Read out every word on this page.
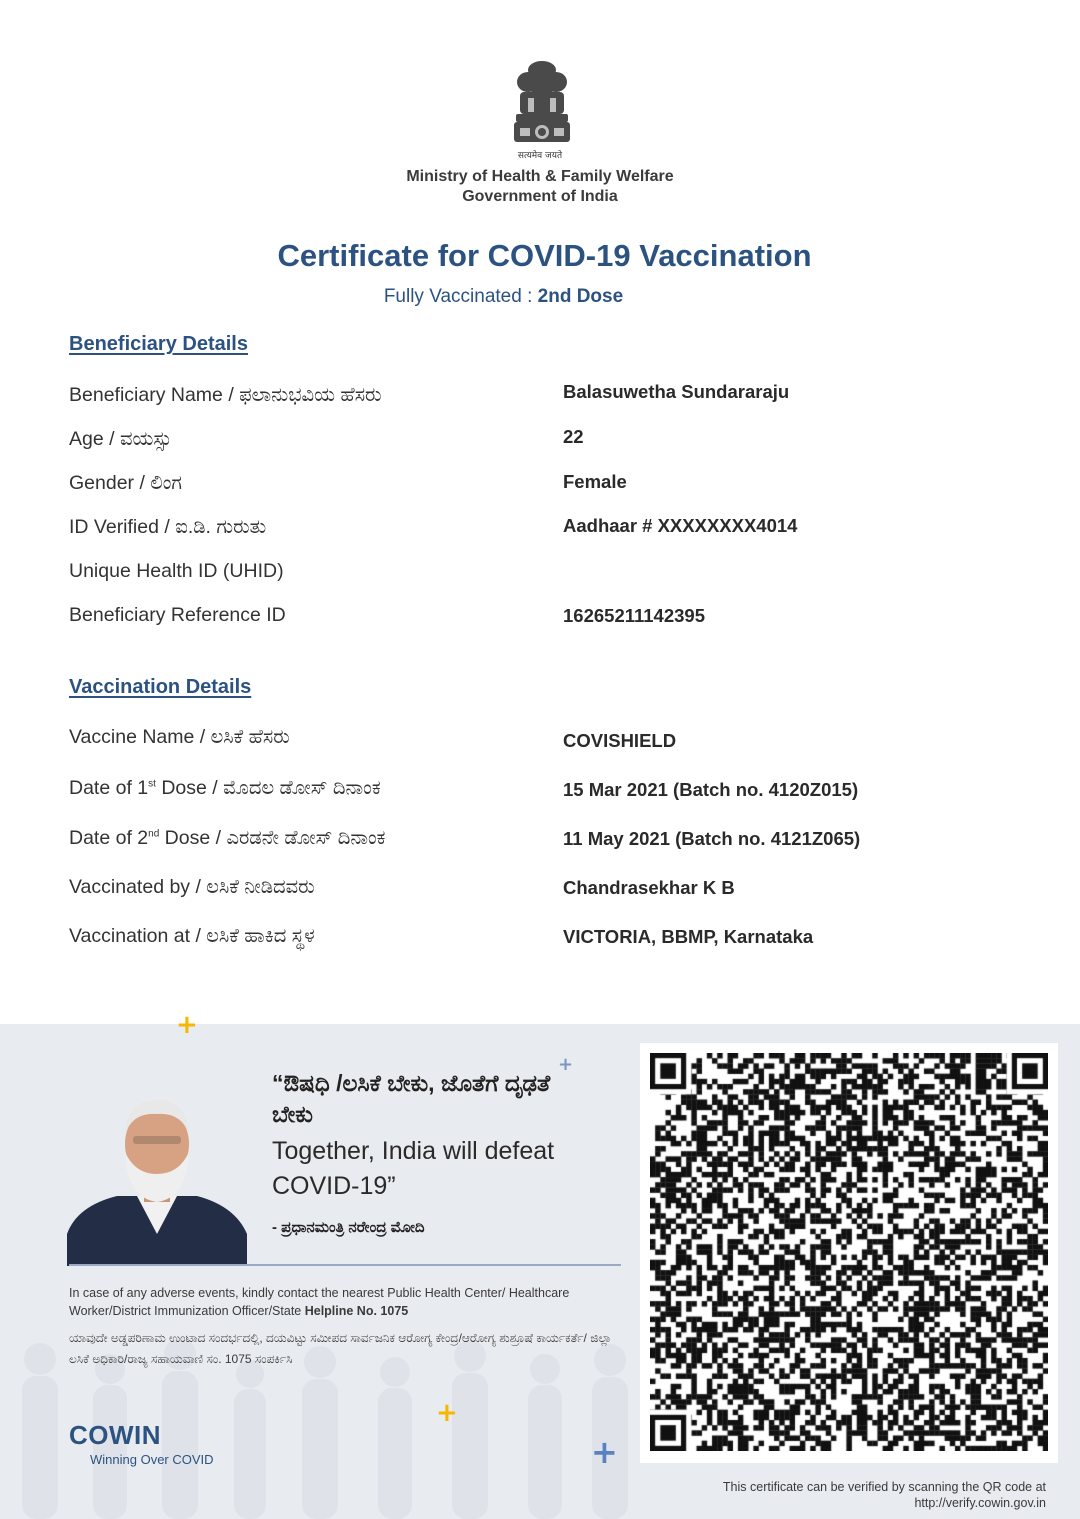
सत्यमेव जयते
Ministry of Health & Family Welfare
Government of India
Certificate for COVID-19 Vaccination
Fully Vaccinated : 2nd Dose
Beneficiary Details
Beneficiary Name / ಫಲಾನುಭವಿಯ ಹೆಸರು	Balasuwetha Sundararaju
Age / ವಯಸ್ಸು	22
Gender / ಲಿಂಗ	Female
ID Verified / ಐ.ಡಿ. ಗುರುತು	Aadhaar # XXXXXXXX4014
Unique Health ID (UHID)
Beneficiary Reference ID	16265211142395
Vaccination Details
Vaccine Name / ಲಸಿಕೆ ಹೆಸರು	COVISHIELD
Date of 1st Dose / ಮೊದಲ ಡೋಸ್ ದಿನಾಂಕ	15 Mar 2021 (Batch no. 4120Z015)
Date of 2nd Dose / ಎರಡನೇ ಡೋಸ್ ದಿನಾಂಕ	11 May 2021 (Batch no. 4121Z065)
Vaccinated by / ಲಸಿಕೆ ನೀಡಿದವರು	Chandrasekhar K B
Vaccination at / ಲಸಿಕೆ ಹಾಕಿದ ಸ್ಥಳ	VICTORIA, BBMP, Karnataka
+
+
+
+
“ಔಷಧಿ /ಲಸಿಕೆ ಬೇಕು, ಜೊತೆಗೆ ದೃಢತೆ ಬೇಕು
Together, India will defeat COVID-19”
- ಪ್ರಧಾನಮಂತ್ರಿ ನರೇಂದ್ರ ಮೋದಿ
In case of any adverse events, kindly contact the nearest Public Health Center/ Healthcare Worker/District Immunization Officer/State Helpline No. 1075
ಯಾವುದೇ ಅಡ್ಡಪರಿಣಾಮ ಉಂಟಾದ ಸಂದರ್ಭದಲ್ಲಿ, ದಯವಿಟ್ಟು ಸಮೀಪದ ಸಾರ್ವಜನಿಕ ಆರೋಗ್ಯ ಕೇಂದ್ರ/ಆರೋಗ್ಯ ಶುಶ್ರೂಷೆ ಕಾರ್ಯಕರ್ತೆ/ ಜಿಲ್ಲಾ ಲಸಿಕೆ ಅಧಿಕಾರಿ/ರಾಜ್ಯ ಸಹಾಯವಾಣಿ ಸಂ. 1075 ಸಂಪರ್ಕಿಸಿ
COWIN
Winning Over COVID
This certificate can be verified by scanning the QR code at
http://verify.cowin.gov.in
